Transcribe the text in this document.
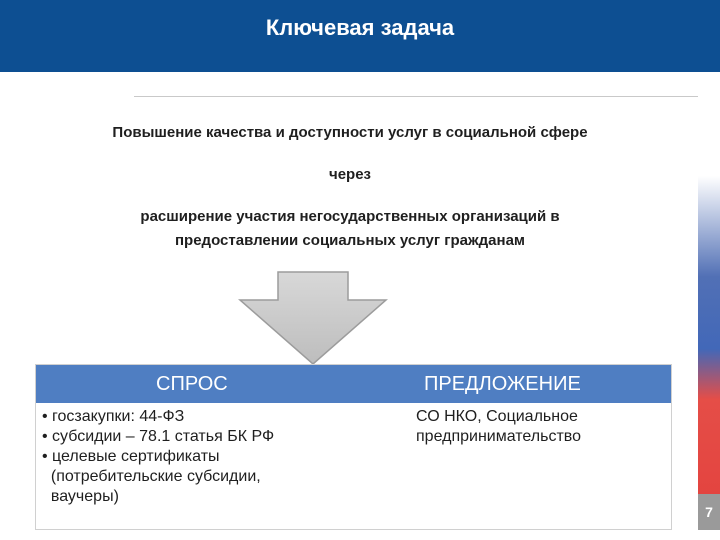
Ключевая задача
Повышение качества и доступности услуг в социальной сфере
через
расширение участия негосударственных организаций в
предоставлении социальных услуг гражданам
СПРОС	ПРЕДЛОЖЕНИЕ
• госзакупки: 44-ФЗ
• субсидии – 78.1 статья БК РФ
• целевые сертификаты
(потребительские субсидии,
ваучеры)
СО НКО, Социальное предпринимательство
7
